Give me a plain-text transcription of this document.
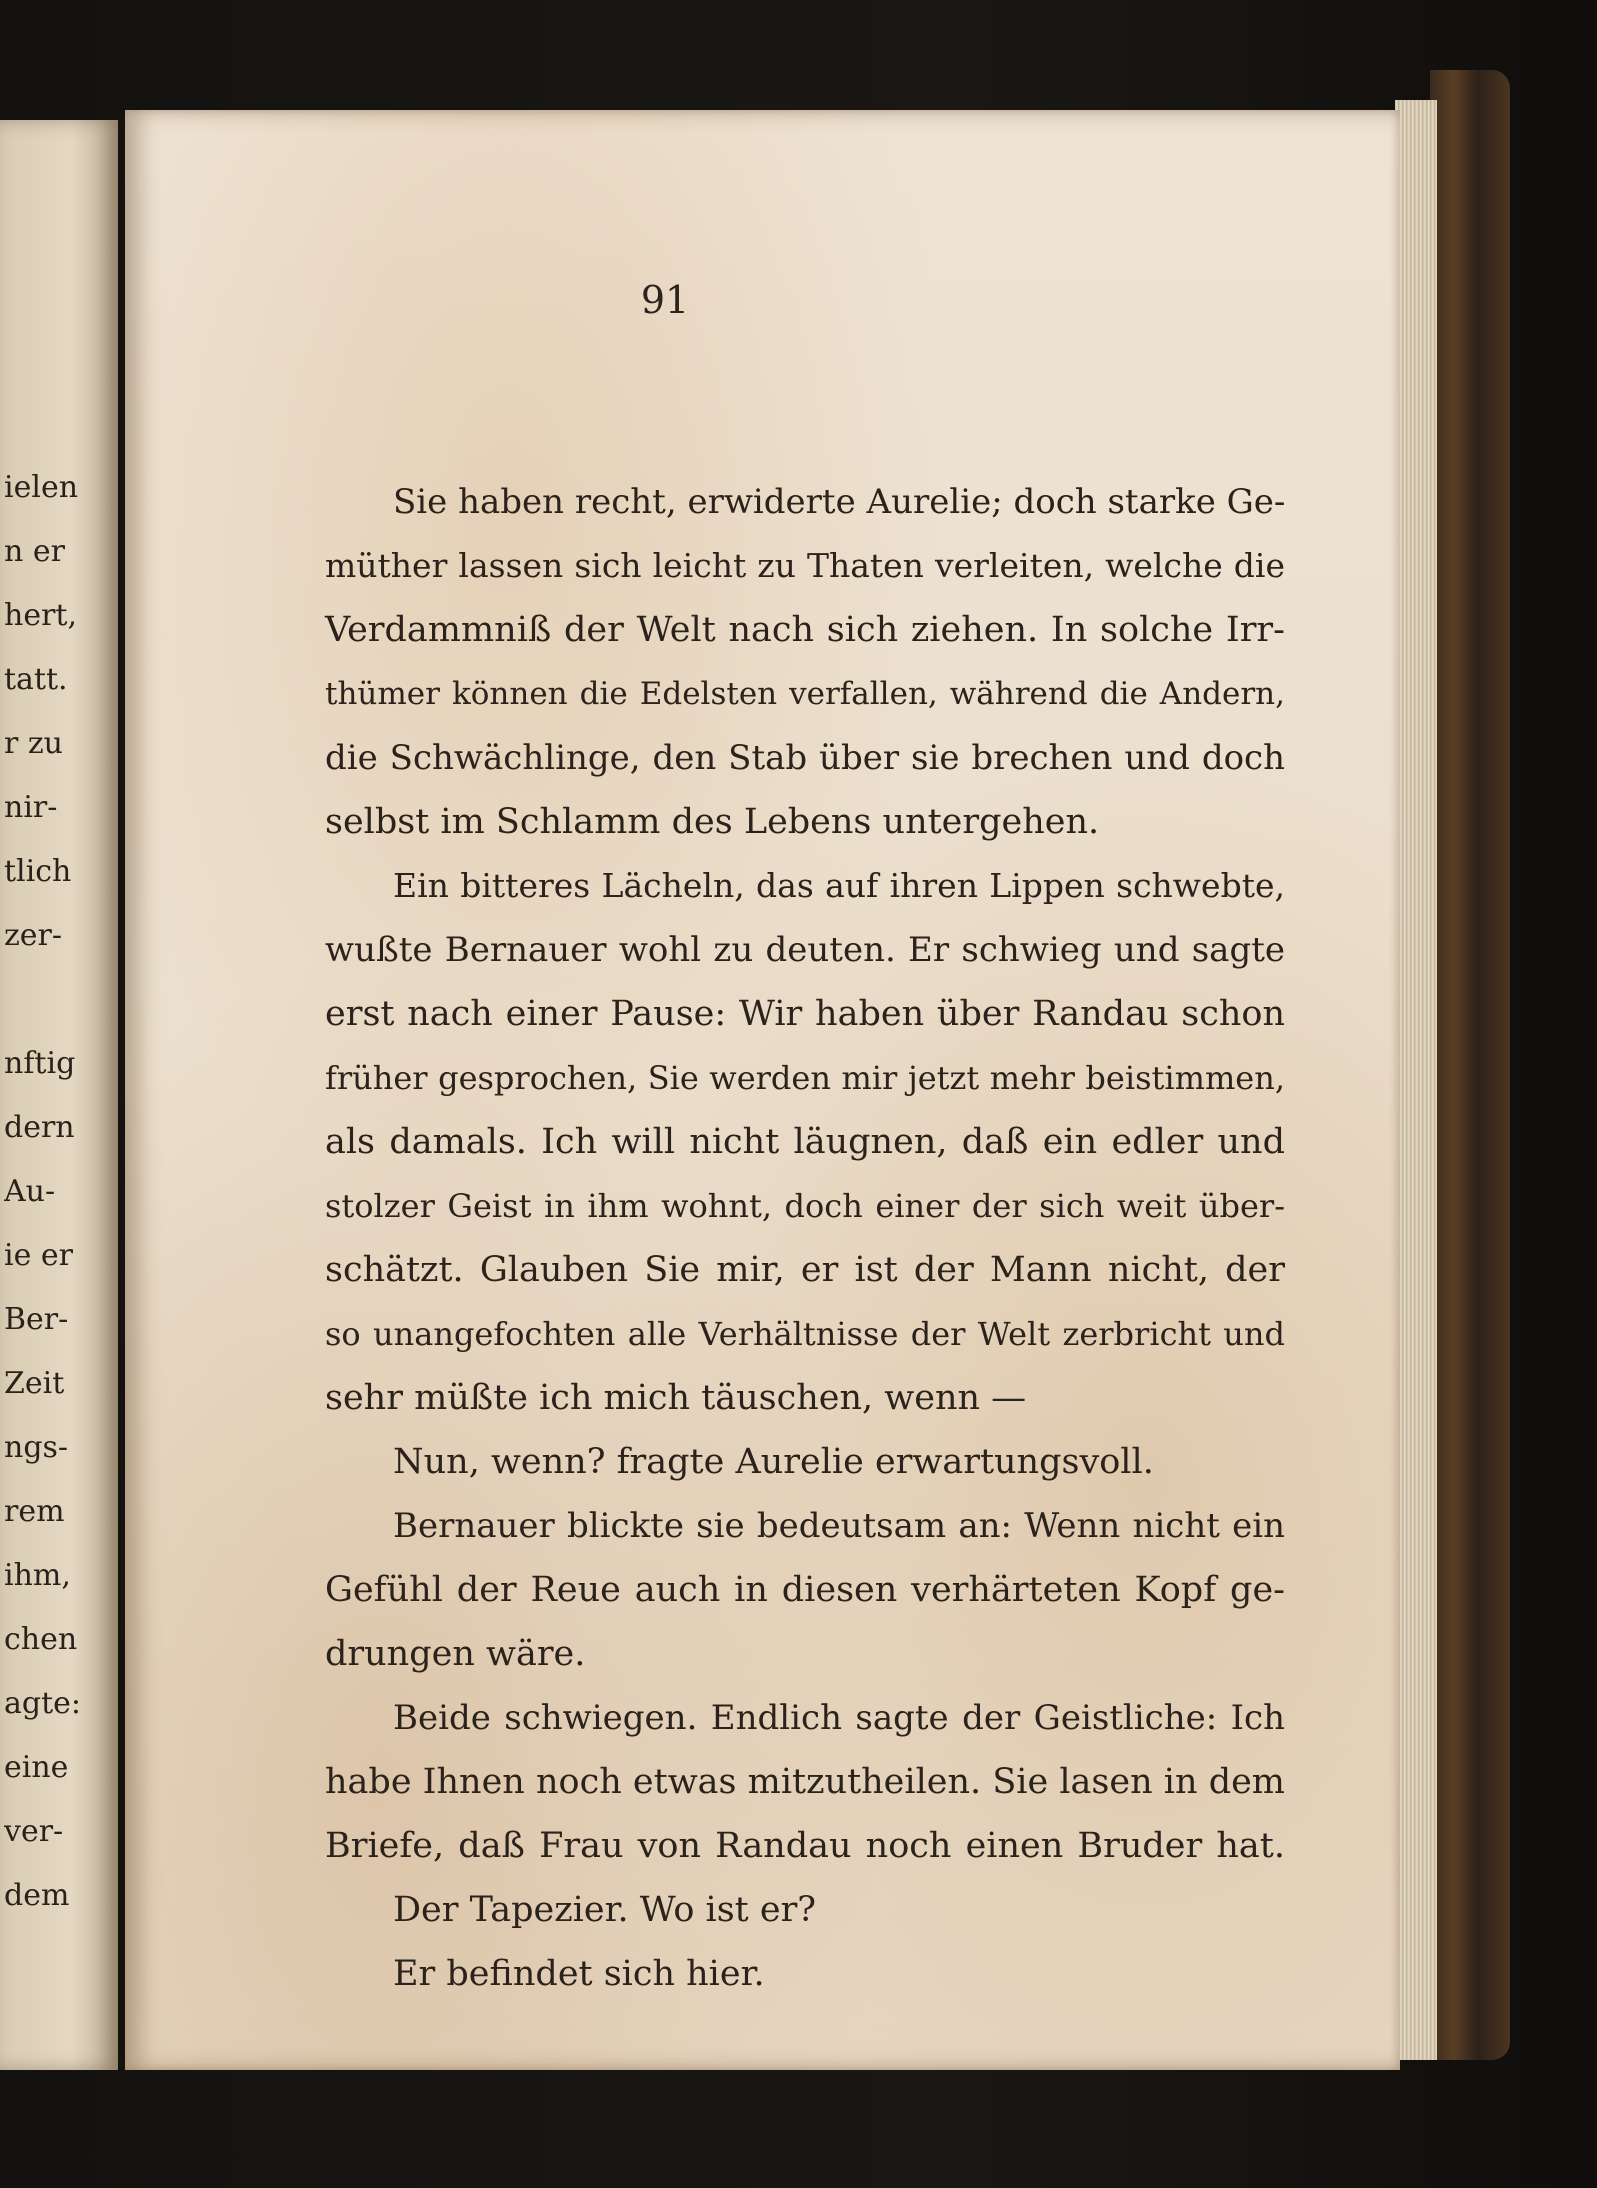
ielen
n er
hert,
tatt.
r zu
nir-
tlich
zer-
nftig
dern
Au-
ie er
Ber-
Zeit
ngs-
rem
ihm,
chen
agte:
eine
ver-
dem
91
Sie haben recht, erwiderte Aurelie; doch starke Ge-
müther lassen sich leicht zu Thaten verleiten, welche die
Verdammniß der Welt nach sich ziehen. In solche Irr-
thümer können die Edelsten verfallen, während die Andern,
die Schwächlinge, den Stab über sie brechen und doch
selbst im Schlamm des Lebens untergehen.
Ein bitteres Lächeln, das auf ihren Lippen schwebte,
wußte Bernauer wohl zu deuten. Er schwieg und sagte
erst nach einer Pause: Wir haben über Randau schon
früher gesprochen, Sie werden mir jetzt mehr beistimmen,
als damals. Ich will nicht läugnen, daß ein edler und
stolzer Geist in ihm wohnt, doch einer der sich weit über-
schätzt. Glauben Sie mir, er ist der Mann nicht, der
so unangefochten alle Verhältnisse der Welt zerbricht und
sehr müßte ich mich täuschen, wenn —
Nun, wenn? fragte Aurelie erwartungsvoll.
Bernauer blickte sie bedeutsam an: Wenn nicht ein
Gefühl der Reue auch in diesen verhärteten Kopf ge-
drungen wäre.
Beide schwiegen. Endlich sagte der Geistliche: Ich
habe Ihnen noch etwas mitzutheilen. Sie lasen in dem
Briefe, daß Frau von Randau noch einen Bruder hat.
Der Tapezier. Wo ist er?
Er befindet sich hier.
